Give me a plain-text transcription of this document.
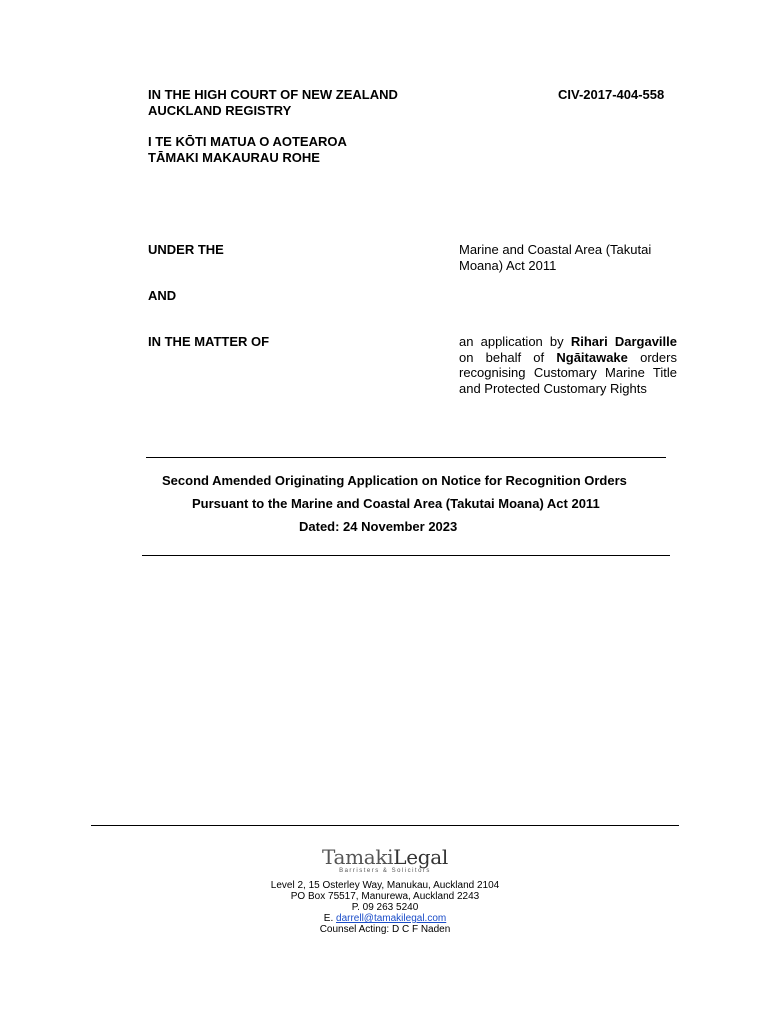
IN THE HIGH COURT OF NEW ZEALAND
AUCKLAND REGISTRY
CIV-2017-404-558
I TE KŌTI MATUA O AOTEAROA
TĀMAKI MAKAURAU ROHE
UNDER THE	Marine and Coastal Area (Takutai Moana) Act 2011
AND
IN THE MATTER OF	an application by Rihari Dargaville on behalf of Ngāitawake orders recognising Customary Marine Title and Protected Customary Rights
Second Amended Originating Application on Notice for Recognition Orders
Pursuant to the Marine and Coastal Area (Takutai Moana) Act 2011
Dated: 24 November 2023
TamakiLegal
Barristers & Solicitors
Level 2, 15 Osterley Way, Manukau, Auckland 2104
PO Box 75517, Manurewa, Auckland 2243
P. 09 263 5240
E. darrell@tamakilegal.com
Counsel Acting: D C F Naden
